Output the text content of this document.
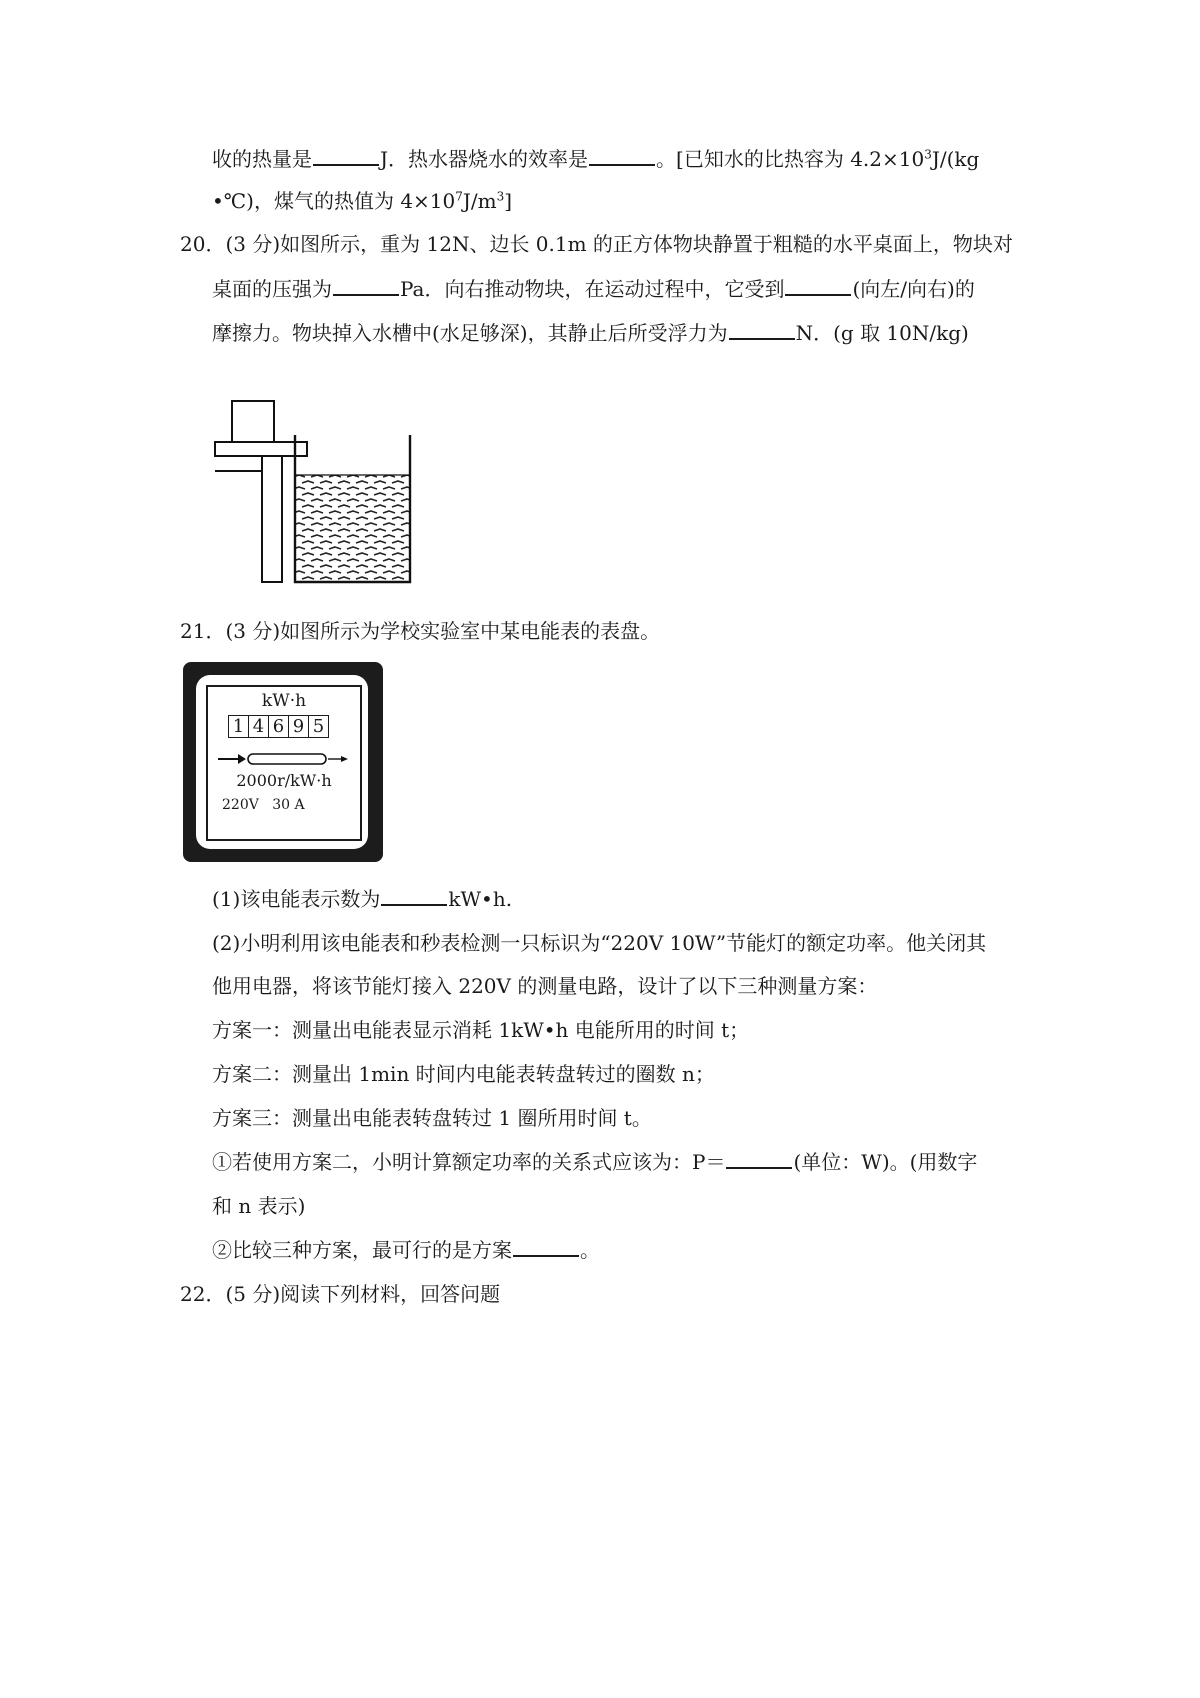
收的热量是	J．热水器烧水的效率是	。[已知水的比热容为 $4.2\times 10^3J/(kg$
•℃)，煤气的热值为 $4\times 10^7J/m^3$]
20．(3 分)如图所示，重为 12N、边长 0.1m 的正方体物块静置于粗糙的水平桌面上，物块对
桌面的压强为	Pa．向右推动物块，在运动过程中，它受到	(向左/向右)的
摩擦力。物块掉入水槽中(水足够深)，其静止后所受浮力为	N．(g 取 10N/kg)
21．(3 分)如图所示为学校实验室中某电能表的表盘。
kW·h
1 4 6 9 5
2000r/kW·h
220V 30 A
(1)该电能表示数为	kW•h.
(2)小明利用该电能表和秒表检测一只标识为“220V 10W”节能灯的额定功率。他关闭其
他用电器，将该节能灯接入 220V 的测量电路，设计了以下三种测量方案：
方案一：测量出电能表显示消耗 1kW•h 电能所用的时间 t；
方案二：测量出 1min 时间内电能表转盘转过的圈数 n；
方案三：测量出电能表转盘转过 1 圈所用时间 t。
①若使用方案二，小明计算额定功率的关系式应该为：P＝	(单位：W)。(用数字
和 n 表示)
②比较三种方案，最可行的是方案	。
22．(5 分)阅读下列材料，回答问题
